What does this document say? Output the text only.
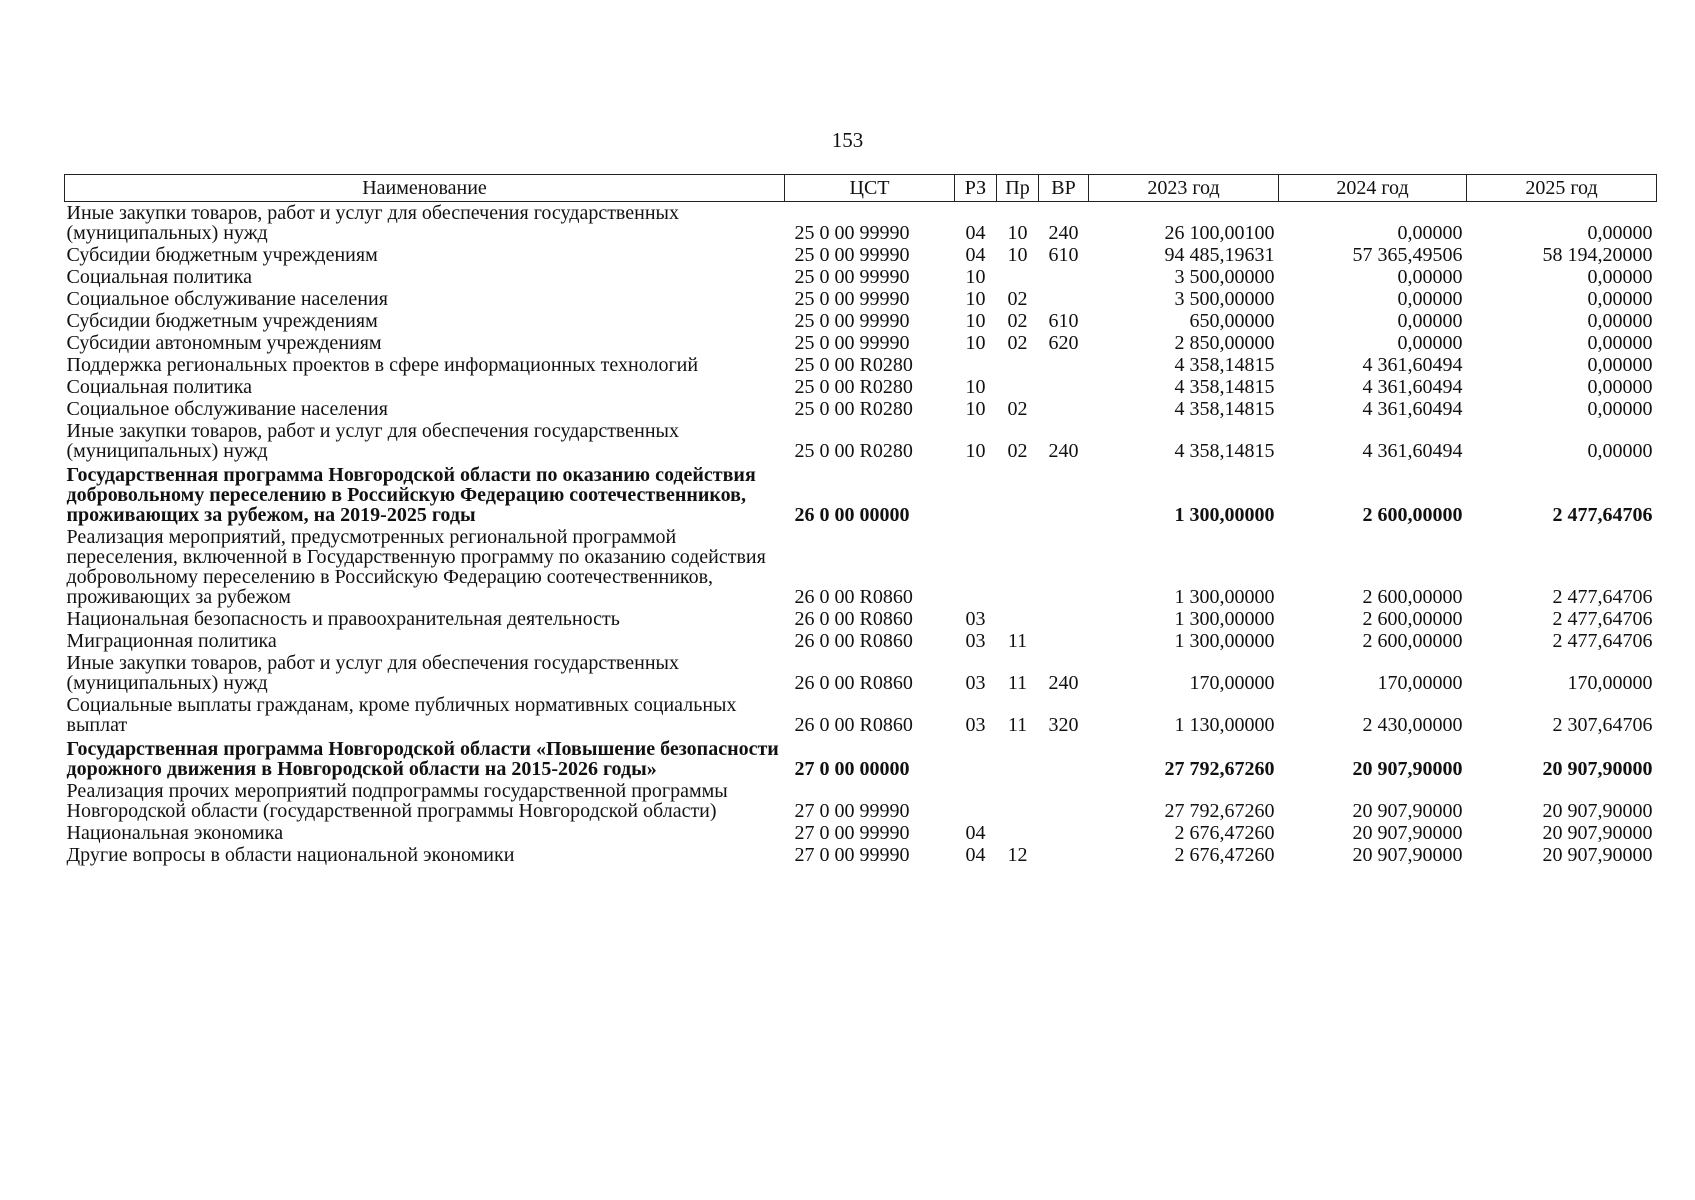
153
Наименование	ЦСТ	РЗ	Пр	ВР	2023 год	2024 год	2025 год
Иные закупки товаров, работ и услуг для обеспечения государственных (муниципальных) нужд	25 0 00 99990	04	10	240	26 100,00100	0,00000	0,00000
Субсидии бюджетным учреждениям	25 0 00 99990	04	10	610	94 485,19631	57 365,49506	58 194,20000
Социальная политика	25 0 00 99990	10			3 500,00000	0,00000	0,00000
Социальное обслуживание населения	25 0 00 99990	10	02		3 500,00000	0,00000	0,00000
Субсидии бюджетным учреждениям	25 0 00 99990	10	02	610	650,00000	0,00000	0,00000
Субсидии автономным учреждениям	25 0 00 99990	10	02	620	2 850,00000	0,00000	0,00000
Поддержка региональных проектов в сфере информационных технологий	25 0 00 R0280				4 358,14815	4 361,60494	0,00000
Социальная политика	25 0 00 R0280	10			4 358,14815	4 361,60494	0,00000
Социальное обслуживание населения	25 0 00 R0280	10	02		4 358,14815	4 361,60494	0,00000
Иные закупки товаров, работ и услуг для обеспечения государственных (муниципальных) нужд	25 0 00 R0280	10	02	240	4 358,14815	4 361,60494	0,00000
Государственная программа Новгородской области по оказанию содействия добровольному переселению в Российскую Федерацию соотечественников, проживающих за рубежом, на 2019-2025 годы	26 0 00 00000				1 300,00000	2 600,00000	2 477,64706
Реализация мероприятий, предусмотренных региональной программой переселения, включенной в Государственную программу по оказанию содействия добровольному переселению в Российскую Федерацию соотечественников, проживающих за рубежом	26 0 00 R0860				1 300,00000	2 600,00000	2 477,64706
Национальная безопасность и правоохранительная деятельность	26 0 00 R0860	03			1 300,00000	2 600,00000	2 477,64706
Миграционная политика	26 0 00 R0860	03	11		1 300,00000	2 600,00000	2 477,64706
Иные закупки товаров, работ и услуг для обеспечения государственных (муниципальных) нужд	26 0 00 R0860	03	11	240	170,00000	170,00000	170,00000
Социальные выплаты гражданам, кроме публичных нормативных социальных выплат	26 0 00 R0860	03	11	320	1 130,00000	2 430,00000	2 307,64706
Государственная программа Новгородской области «Повышение безопасности дорожного движения в Новгородской области на 2015-2026 годы»	27 0 00 00000				27 792,67260	20 907,90000	20 907,90000
Реализация прочих мероприятий подпрограммы государственной программы Новгородской области (государственной программы Новгородской области)	27 0 00 99990				27 792,67260	20 907,90000	20 907,90000
Национальная экономика	27 0 00 99990	04			2 676,47260	20 907,90000	20 907,90000
Другие вопросы в области национальной экономики	27 0 00 99990	04	12		2 676,47260	20 907,90000	20 907,90000
